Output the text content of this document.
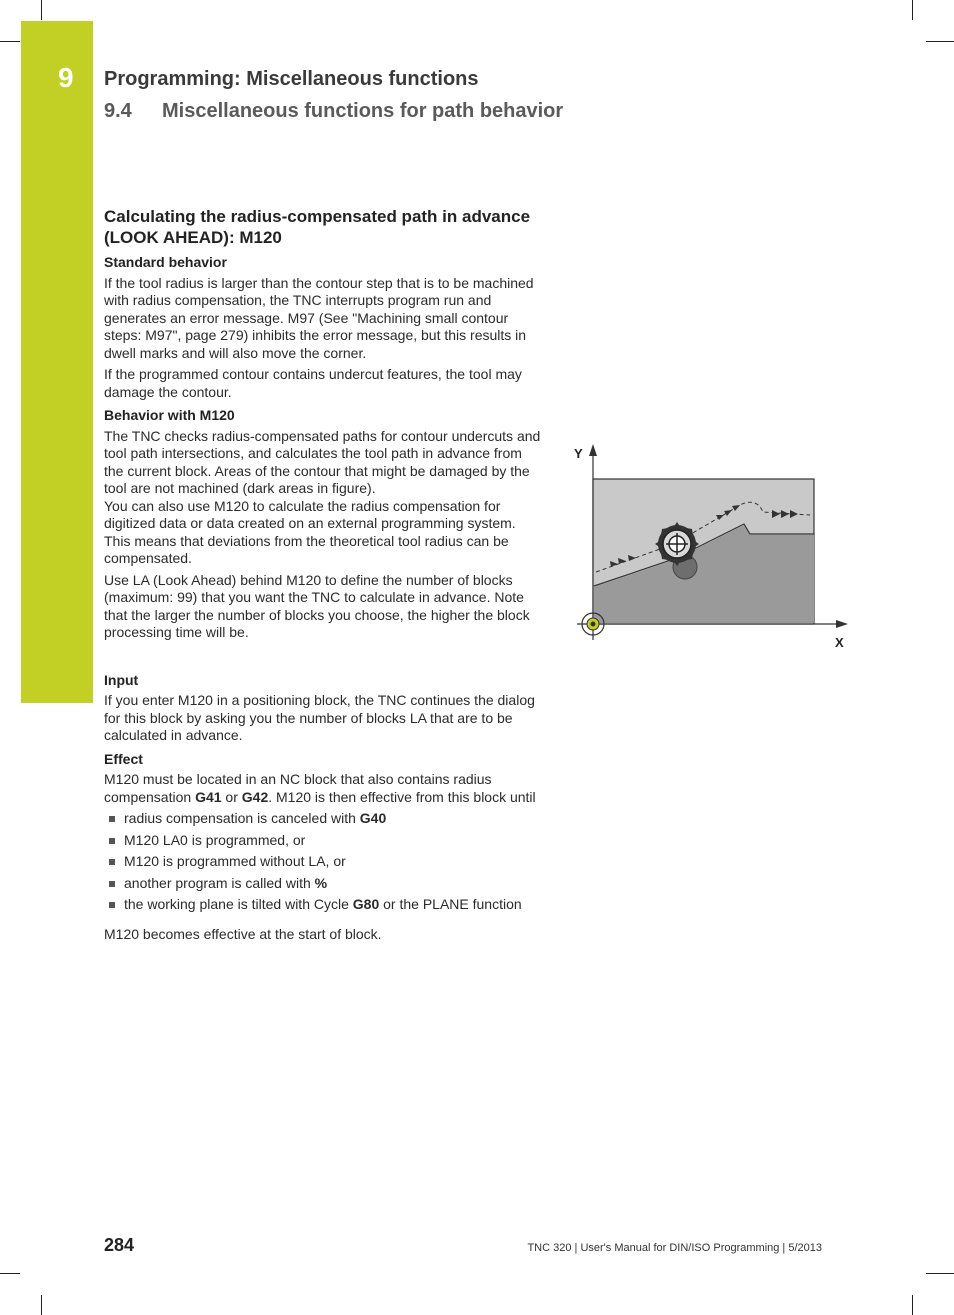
9 Programming: Miscellaneous functions
9.4 Miscellaneous functions for path behavior
Calculating the radius-compensated path in advance (LOOK AHEAD): M120
Standard behavior

If the tool radius is larger than the contour step that is to be machined with radius compensation, the TNC interrupts program run and generates an error message. M97 (See "Machining small contour steps: M97", page 279) inhibits the error message, but this results in dwell marks and will also move the corner.

If the programmed contour contains undercut features, the tool may damage the contour.

Behavior with M120

The TNC checks radius-compensated paths for contour undercuts and tool path intersections, and calculates the tool path in advance from the current block. Areas of the contour that might be damaged by the tool are not machined (dark areas in figure).

You can also use M120 to calculate the radius compensation for digitized data or data created on an external programming system. This means that deviations from the theoretical tool radius can be compensated.

Use LA (Look Ahead) behind M120 to define the number of blocks (maximum: 99) that you want the TNC to calculate in advance. Note that the larger the number of blocks you choose, the higher the block processing time will be.

Input

If you enter M120 in a positioning block, the TNC continues the dialog for this block by asking you the number of blocks LA that are to be calculated in advance.

Effect

M120 must be located in an NC block that also contains radius compensation G41 or G42. M120 is then effective from this block until

radius compensation is canceled with G40
M120 LA0 is programmed, or
M120 is programmed without LA, or
another program is called with %
the working plane is tilted with Cycle G80 or the PLANE function

M120 becomes effective at the start of block.

Y
X
284	TNC 320 | User's Manual for DIN/ISO Programming | 5/2013
